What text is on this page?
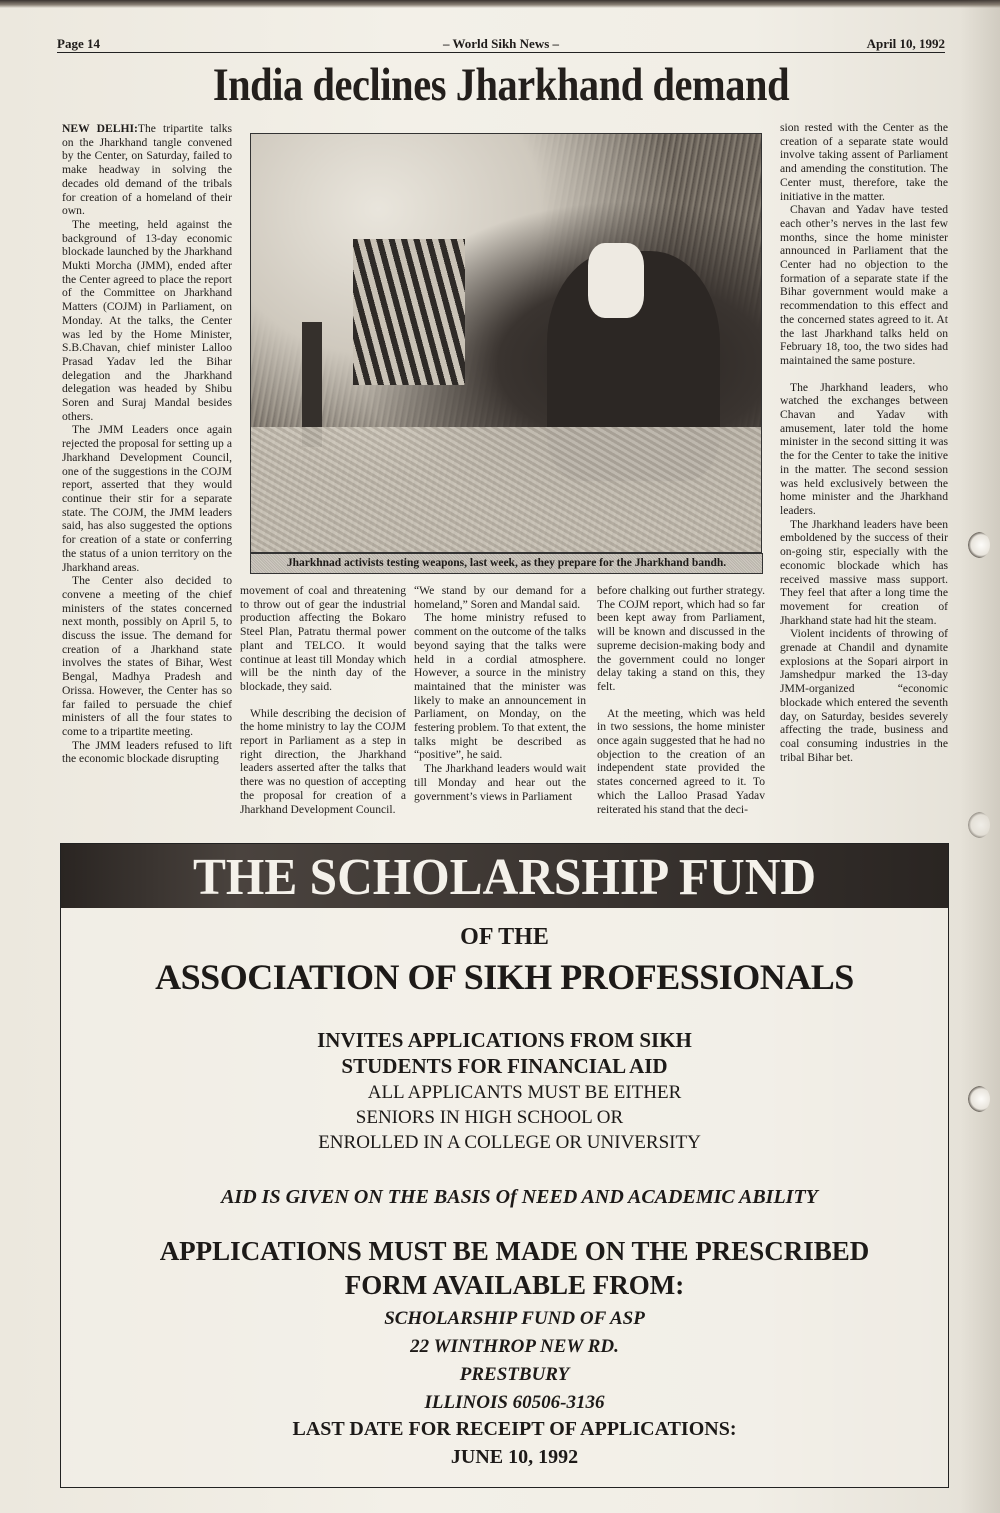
Page 14	– World Sikh News –	April 10, 1992
India declines Jharkhand demand

NEW DELHI:The tripartite talks on the Jharkhand tangle convened by the Center, on Saturday, failed to make headway in solving the decades old demand of the tribals for creation of a homeland of their own.

The meeting, held against the background of 13-day economic blockade launched by the Jharkhand Mukti Morcha (JMM), ended after the Center agreed to place the report of the Committee on Jharkhand Matters (COJM) in Parliament, on Monday. At the talks, the Center was led by the Home Minister, S.B.Chavan, chief minister Lalloo Prasad Yadav led the Bihar delegation and the Jharkhand delegation was headed by Shibu Soren and Suraj Mandal besides others.

The JMM Leaders once again rejected the proposal for setting up a Jharkhand Development Council, one of the suggestions in the COJM report, asserted that they would continue their stir for a separate state. The COJM, the JMM leaders said, has also suggested the options for creation of a state or conferring the status of a union territory on the Jharkhand areas.

The Center also decided to convene a meeting of the chief ministers of the states concerned next month, possibly on April 5, to discuss the issue. The demand for creation of a Jharkhand state involves the states of Bihar, West Bengal, Madhya Pradesh and Orissa. However, the Center has so far failed to persuade the chief ministers of all the four states to come to a tripartite meeting.

The JMM leaders refused to lift the economic blockade disrupting

Jharkhnad activists testing weapons, last week, as they prepare for the Jharkhand bandh.

movement of coal and threatening to throw out of gear the industrial production affecting the Bokaro Steel Plan, Patratu thermal power plant and TELCO. It would continue at least till Monday which will be the ninth day of the blockade, they said.

While describing the decision of the home ministry to lay the COJM report in Parliament as a step in right direction, the Jharkhand leaders asserted after the talks that there was no question of accepting the proposal for creation of a Jharkhand Development Council.

“We stand by our demand for a homeland,” Soren and Mandal said.

The home ministry refused to comment on the outcome of the talks beyond saying that the talks were held in a cordial atmosphere. However, a source in the ministry maintained that the minister was likely to make an announcement in Parliament, on Monday, on the festering problem. To that extent, the talks might be described as “positive”, he said.

The Jharkhand leaders would wait till Monday and hear out the government’s views in Parliament

before chalking out further strategy. The COJM report, which had so far been kept away from Parliament, will be known and discussed in the supreme decision-making body and the government could no longer delay taking a stand on this, they felt.

At the meeting, which was held in two sessions, the home minister once again suggested that he had no objection to the creation of an independent state provided the states concerned agreed to it. To which the Lalloo Prasad Yadav reiterated his stand that the deci-

sion rested with the Center as the creation of a separate state would involve taking assent of Parliament and amending the constitution. The Center must, therefore, take the initiative in the matter.

Chavan and Yadav have tested each other’s nerves in the last few months, since the home minister announced in Parliament that the Center had no objection to the formation of a separate state if the Bihar government would make a recommendation to this effect and the concerned states agreed to it. At the last Jharkhand talks held on February 18, too, the two sides had maintained the same posture.

The Jharkhand leaders, who watched the exchanges between Chavan and Yadav with amusement, later told the home minister in the second sitting it was the for the Center to take the initive in the matter. The second session was held exclusively between the home minister and the Jharkhand leaders.

The Jharkhand leaders have been emboldened by the success of their on-going stir, especially with the economic blockade which has received massive mass support. They feel that after a long time the movement for creation of Jharkhand state had hit the steam.

Violent incidents of throwing of grenade at Chandil and dynamite explosions at the Sopari airport in Jamshedpur marked the 13-day JMM-organized “economic blockade which entered the seventh day, on Saturday, besides severely affecting the trade, business and coal consuming industries in the tribal Bihar bet.

THE SCHOLARSHIP FUND
OF THE
ASSOCIATION OF SIKH PROFESSIONALS
INVITES APPLICATIONS FROM SIKH
STUDENTS FOR FINANCIAL AID
ALL APPLICANTS MUST BE EITHER
SENIORS IN HIGH SCHOOL OR
ENROLLED IN A COLLEGE OR UNIVERSITY
AID IS GIVEN ON THE BASIS Of NEED AND ACADEMIC ABILITY
APPLICATIONS MUST BE MADE ON THE PRESCRIBED
FORM AVAILABLE FROM:
SCHOLARSHIP FUND OF ASP
22 WINTHROP NEW RD.
PRESTBURY
ILLINOIS 60506-3136
LAST DATE FOR RECEIPT OF APPLICATIONS:
JUNE 10, 1992
